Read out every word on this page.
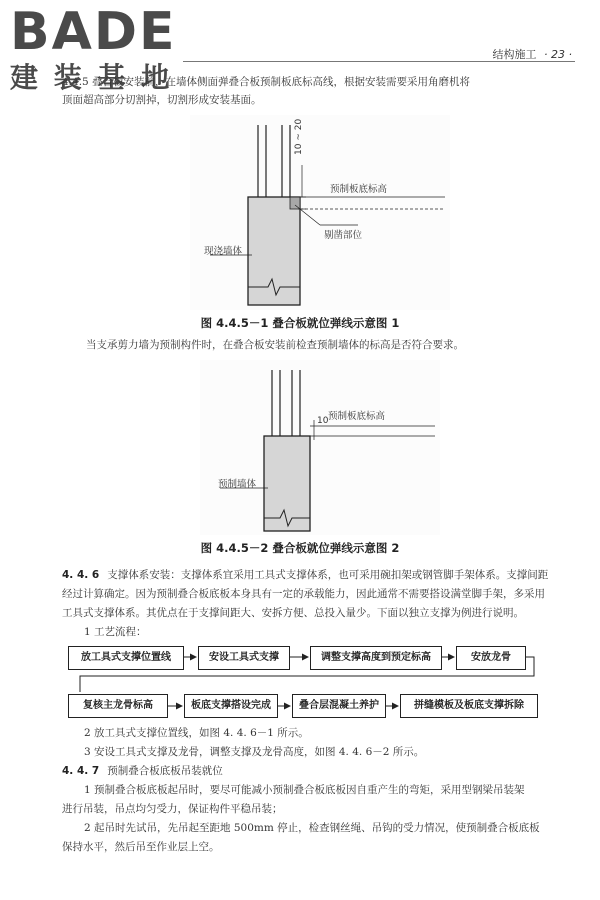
BADE
建 装 基 地
结构施工 · 23 ·
4.4.5 叠合板安装前，在墙体侧面弹叠合板预制板底标高线，根据安装需要采用角磨机将
顶面超高部分切割掉，切割形成安装基面。
10 ~ 20
预制板底标高
剔凿部位
现浇墙体
图 4.4.5－1 叠合板就位弹线示意图 1
当支承剪力墙为预制构件时，在叠合板安装前检查预制墙体的标高是否符合要求。
10 预制板底标高
预制墙体
图 4.4.5－2 叠合板就位弹线示意图 2
4. 4. 6 支撑体系安装：支撑体系宜采用工具式支撑体系，也可采用碗扣架或钢管脚手架体系。支撑间距
经过计算确定。因为预制叠合板底板本身具有一定的承载能力，因此通常不需要搭设满堂脚手架，多采用
工具式支撑体系。其优点在于支撑间距大、安拆方便、总投入量少。下面以独立支撑为例进行说明。
1 工艺流程：
放工具式支撑位置线	安设工具式支撑	调整支撑高度到预定标高	安放龙骨
复核主龙骨标高	板底支撑搭设完成	叠合层混凝土养护	拼缝模板及板底支撑拆除
2 放工具式支撑位置线，如图 4. 4. 6－1 所示。
3 安设工具式支撑及龙骨，调整支撑及龙骨高度，如图 4. 4. 6－2 所示。
4. 4. 7 预制叠合板底板吊装就位
1 预制叠合板底板起吊时，要尽可能减小预制叠合板底板因自重产生的弯矩，采用型钢梁吊装架
进行吊装，吊点均匀受力，保证构件平稳吊装；
2 起吊时先试吊，先吊起至距地 500mm 停止，检查钢丝绳、吊钩的受力情况，使预制叠合板底板
保持水平，然后吊至作业层上空。
